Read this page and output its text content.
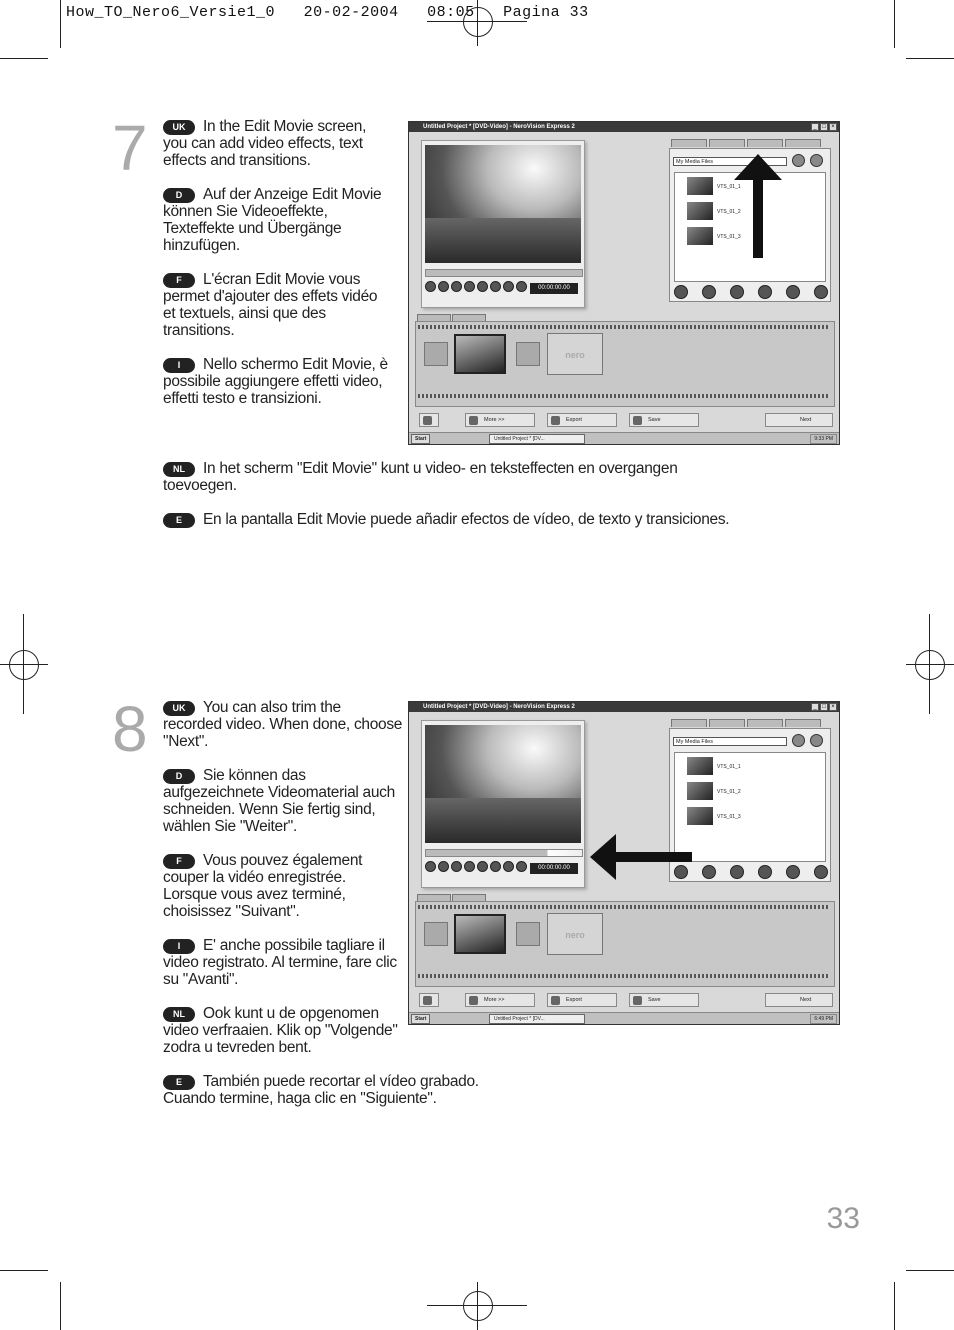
How_TO_Nero6_Versie1_0 20-02-2004 08:05 Pagina 33
7	UK In the Edit Movie screen, you can add video effects, text effects and transitions.

D Auf der Anzeige Edit Movie können Sie Videoeffekte, Texteffekte und Übergänge hinzufügen.

F L'écran Edit Movie vous permet d'ajouter des effets vidéo et textuels, ainsi que des transitions.

I Nello schermo Edit Movie, è possibile aggiungere effetti video, effetti testo e transizioni.

NL In het scherm "Edit Movie" kunt u video- en teksteffecten en overgangen toevoegen.

E En la pantalla Edit Movie puede añadir efectos de vídeo, de texto y transiciones.

Untitled Project * [DVD-Video] - NeroVision Express 2	_ □ ×
00:00:00.00
My Media Files
VTS_01_1
VTS_01_2
VTS_01_3
nero
More >>	Export	Save	Next
Start	Untitled Project * [DV...	9:33 PM
8	UK You can also trim the recorded video. When done, choose "Next".

D Sie können das aufgezeichnete Videomaterial auch schneiden. Wenn Sie fertig sind, wählen Sie "Weiter".

F Vous pouvez également couper la vidéo enregistrée. Lorsque vous avez terminé, choisissez "Suivant".

I E' anche possibile tagliare il video registrato. Al termine, fare clic su "Avanti".

NL Ook kunt u de opgenomen video verfraaien. Klik op "Volgende" zodra u tevreden bent.

E También puede recortar el vídeo grabado. Cuando termine, haga clic en "Siguiente".

Untitled Project * [DVD-Video] - NeroVision Express 2	_ □ ×
00:00:00.00
My Media Files
VTS_01_1
VTS_01_2
VTS_01_3
nero
More >>	Export	Save	Next
Start	Untitled Project * [DV...	6:49 PM
33
